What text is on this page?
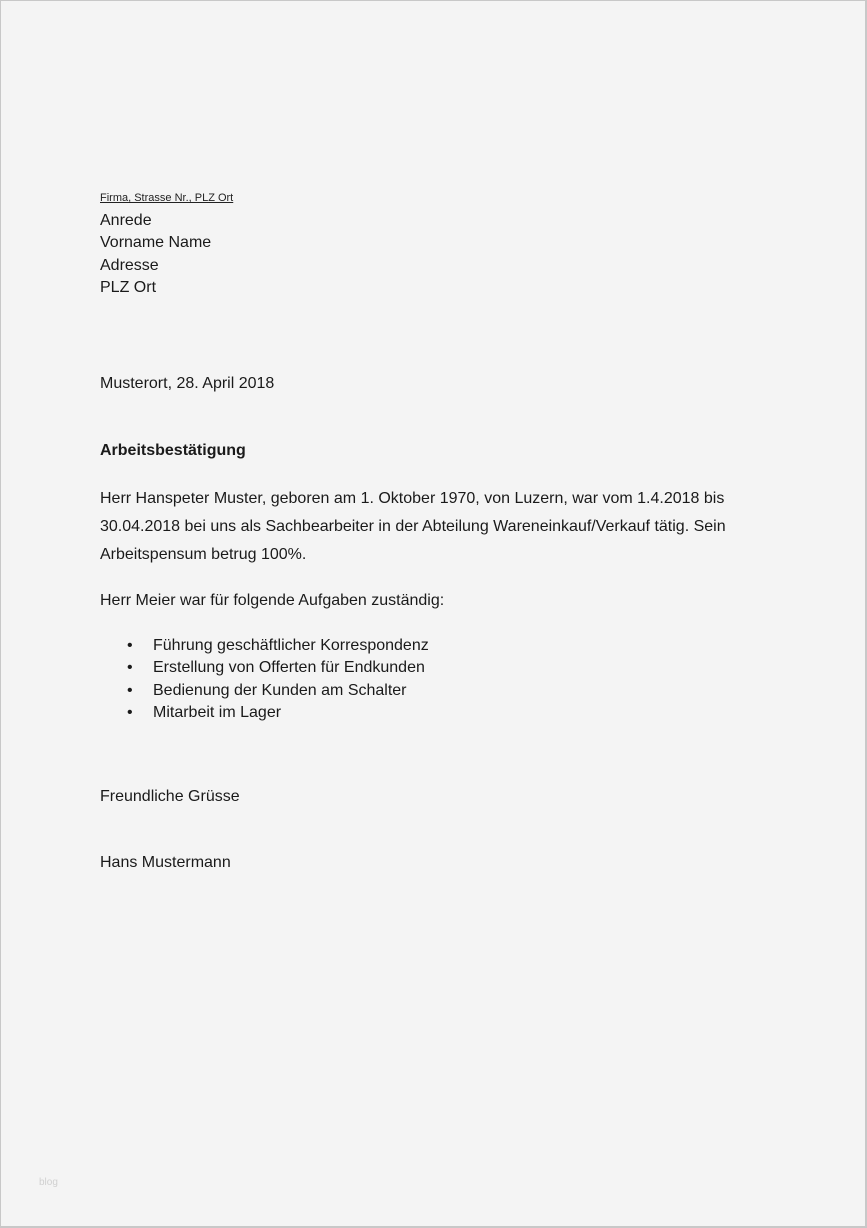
Firma, Strasse Nr., PLZ Ort
Anrede
Vorname Name
Adresse
PLZ Ort
Musterort, 28. April 2018
Arbeitsbestätigung
Herr Hanspeter Muster, geboren am 1. Oktober 1970, von Luzern, war vom 1.4.2018 bis
30.04.2018 bei uns als Sachbearbeiter in der Abteilung Wareneinkauf/Verkauf tätig. Sein
Arbeitspensum betrug 100%.
Herr Meier war für folgende Aufgaben zuständig:
• Führung geschäftlicher Korrespondenz
• Erstellung von Offerten für Endkunden
• Bedienung der Kunden am Schalter
• Mitarbeit im Lager
Freundliche Grüsse
Hans Mustermann
blog
